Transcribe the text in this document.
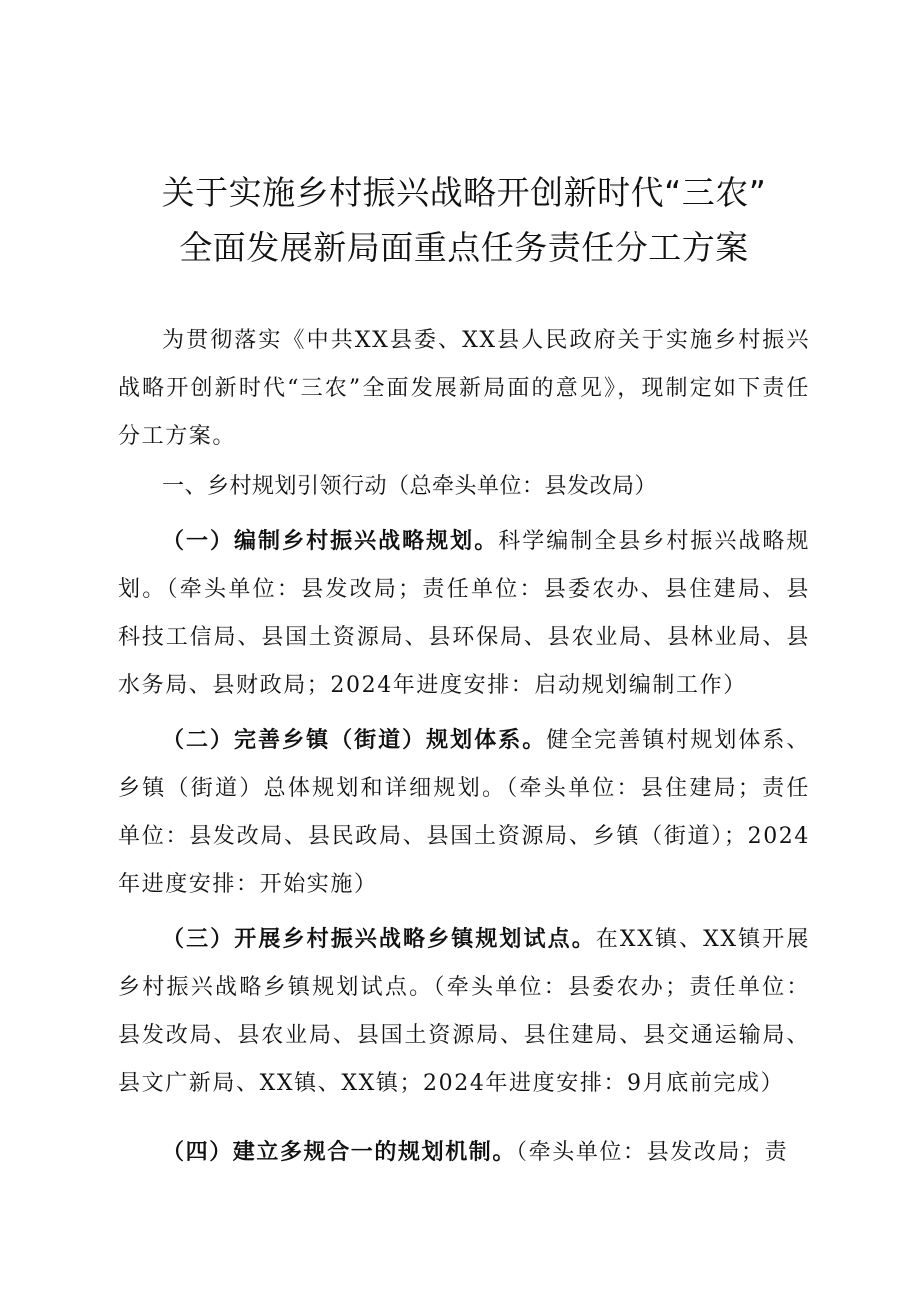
关于实施乡村振兴战略开创新时代“三农”
全面发展新局面重点任务责任分工方案

为贯彻落实《中共XX县委、XX县人民政府关于实施乡村振兴战略开创新时代“三农”全面发展新局面的意见》，现制定如下责任分工方案。

一、乡村规划引领行动（总牵头单位：县发改局）

（一）编制乡村振兴战略规划。科学编制全县乡村振兴战略规划。（牵头单位：县发改局；责任单位：县委农办、县住建局、县科技工信局、县国土资源局、县环保局、县农业局、县林业局、县水务局、县财政局；2024年进度安排：启动规划编制工作）

（二）完善乡镇（街道）规划体系。健全完善镇村规划体系、乡镇（街道）总体规划和详细规划。（牵头单位：县住建局；责任单位：县发改局、县民政局、县国土资源局、乡镇（街道）；2024年进度安排：开始实施）

（三）开展乡村振兴战略乡镇规划试点。在XX镇、XX镇开展乡村振兴战略乡镇规划试点。（牵头单位：县委农办；责任单位：县发改局、县农业局、县国土资源局、县住建局、县交通运输局、县文广新局、XX镇、XX镇；2024年进度安排：9月底前完成）

（四）建立多规合一的规划机制。（牵头单位：县发改局；责
